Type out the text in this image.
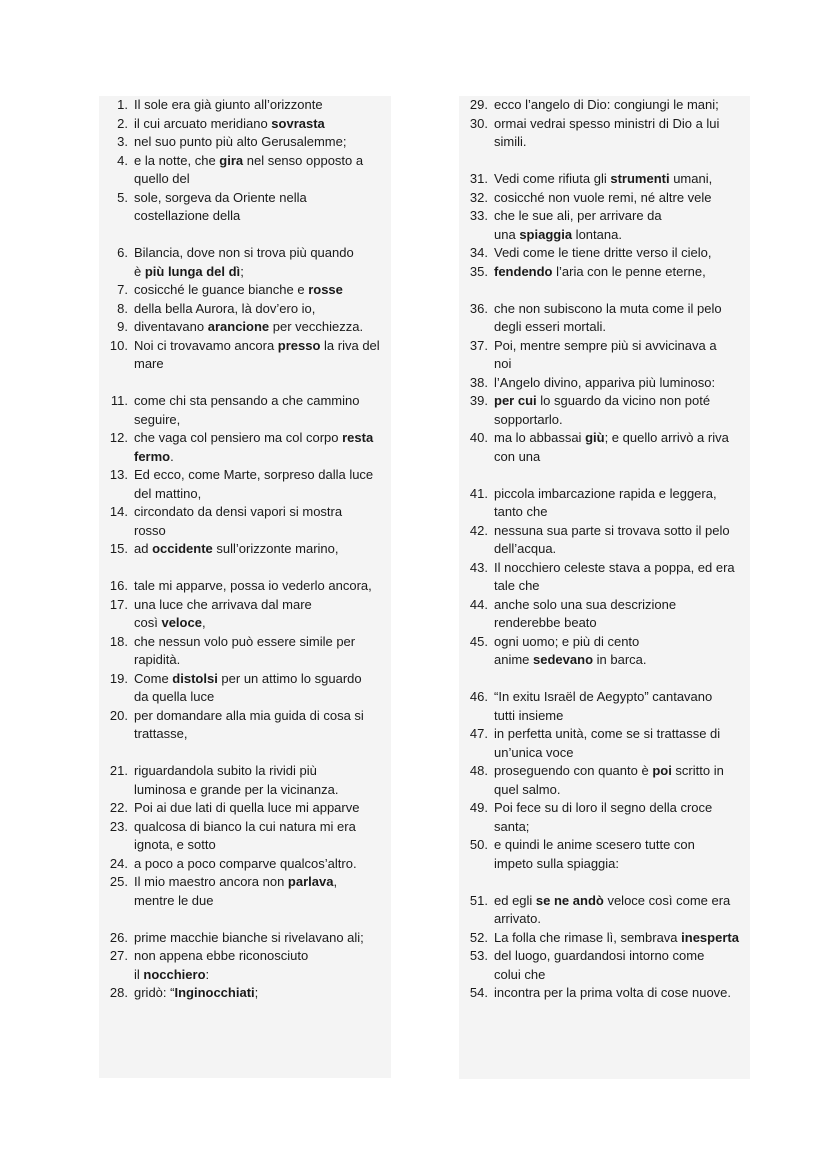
1. Il sole era già giunto all’orizzonte
2. il cui arcuato meridiano sovrasta
3. nel suo punto più alto Gerusalemme;
4. e la notte, che gira nel senso opposto a
quello del
5. sole, sorgeva da Oriente nella
costellazione della
6. Bilancia, dove non si trova più quando
è più lunga del dì;
7. cosicché le guance bianche e rosse
8. della bella Aurora, là dov’ero io,
9. diventavano arancione per vecchiezza.
10. Noi ci trovavamo ancora presso la riva del
mare
11. come chi sta pensando a che cammino
seguire,
12. che vaga col pensiero ma col corpo resta
fermo.
13. Ed ecco, come Marte, sorpreso dalla luce
del mattino,
14. circondato da densi vapori si mostra
rosso
15. ad occidente sull’orizzonte marino,
16. tale mi apparve, possa io vederlo ancora,
17. una luce che arrivava dal mare
così veloce,
18. che nessun volo può essere simile per
rapidità.
19. Come distolsi per un attimo lo sguardo
da quella luce
20. per domandare alla mia guida di cosa si
trattasse,
21. riguardandola subito la rividi più
luminosa e grande per la vicinanza.
22. Poi ai due lati di quella luce mi apparve
23. qualcosa di bianco la cui natura mi era
ignota, e sotto
24. a poco a poco comparve qualcos’altro.
25. Il mio maestro ancora non parlava,
mentre le due
26. prime macchie bianche si rivelavano ali;
27. non appena ebbe riconosciuto
il nocchiero:
28. gridò: “Inginocchiati;
29. ecco l’angelo di Dio: congiungi le mani;
30. ormai vedrai spesso ministri di Dio a lui
simili.
31. Vedi come rifiuta gli strumenti umani,
32. cosicché non vuole remi, né altre vele
33. che le sue ali, per arrivare da
una spiaggia lontana.
34. Vedi come le tiene dritte verso il cielo,
35. fendendo l’aria con le penne eterne,
36. che non subiscono la muta come il pelo
degli esseri mortali.
37. Poi, mentre sempre più si avvicinava a
noi
38. l’Angelo divino, appariva più luminoso:
39. per cui lo sguardo da vicino non poté
sopportarlo.
40. ma lo abbassai giù; e quello arrivò a riva
con una
41. piccola imbarcazione rapida e leggera,
tanto che
42. nessuna sua parte si trovava sotto il pelo
dell’acqua.
43. Il nocchiero celeste stava a poppa, ed era
tale che
44. anche solo una sua descrizione
renderebbe beato
45. ogni uomo; e più di cento
anime sedevano in barca.
46. “In exitu Israël de Aegypto” cantavano
tutti insieme
47. in perfetta unità, come se si trattasse di
un’unica voce
48. proseguendo con quanto è poi scritto in
quel salmo.
49. Poi fece su di loro il segno della croce
santa;
50. e quindi le anime scesero tutte con
impeto sulla spiaggia:
51. ed egli se ne andò veloce così come era
arrivato.
52. La folla che rimase lì, sembrava inesperta
53. del luogo, guardandosi intorno come
colui che
54. incontra per la prima volta di cose nuove.
